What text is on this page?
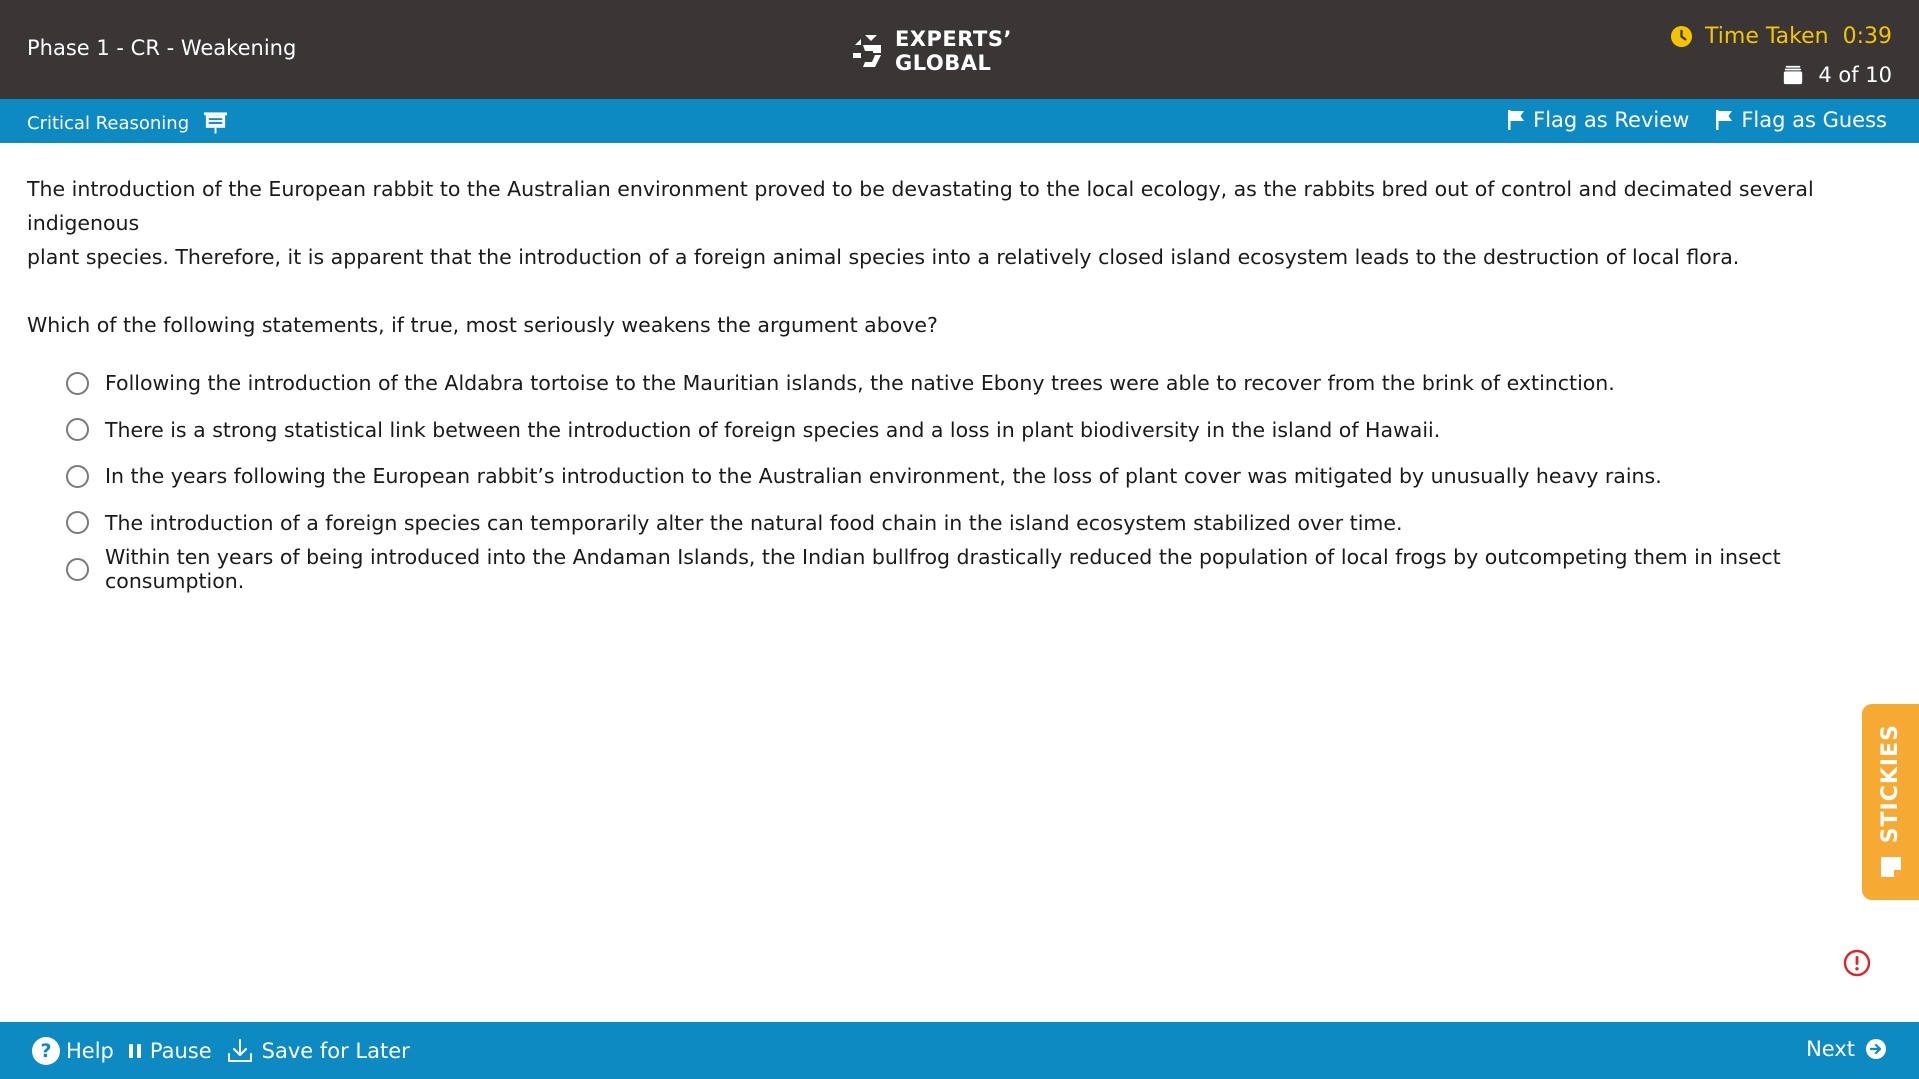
Phase 1 - CR - Weakening	EXPERTS’
GLOBAL
Time Taken 0:39
4 of 10
Critical Reasoning	Flag as Review Flag as Guess
The introduction of the European rabbit to the Australian environment proved to be devastating to the local ecology, as the rabbits bred out of control and decimated several indigenous
plant species. Therefore, it is apparent that the introduction of a foreign animal species into a relatively closed island ecosystem leads to the destruction of local flora.
Which of the following statements, if true, most seriously weakens the argument above?
Following the introduction of the Aldabra tortoise to the Mauritian islands, the native Ebony trees were able to recover from the brink of extinction.
There is a strong statistical link between the introduction of foreign species and a loss in plant biodiversity in the island of Hawaii.
In the years following the European rabbit’s introduction to the Australian environment, the loss of plant cover was mitigated by unusually heavy rains.
The introduction of a foreign species can temporarily alter the natural food chain in the island ecosystem stabilized over time.
Within ten years of being introduced into the Andaman Islands, the Indian bullfrog drastically reduced the population of local frogs by outcompeting them in insect consumption.
STICKIES
? Help Pause Save for Later	Next
